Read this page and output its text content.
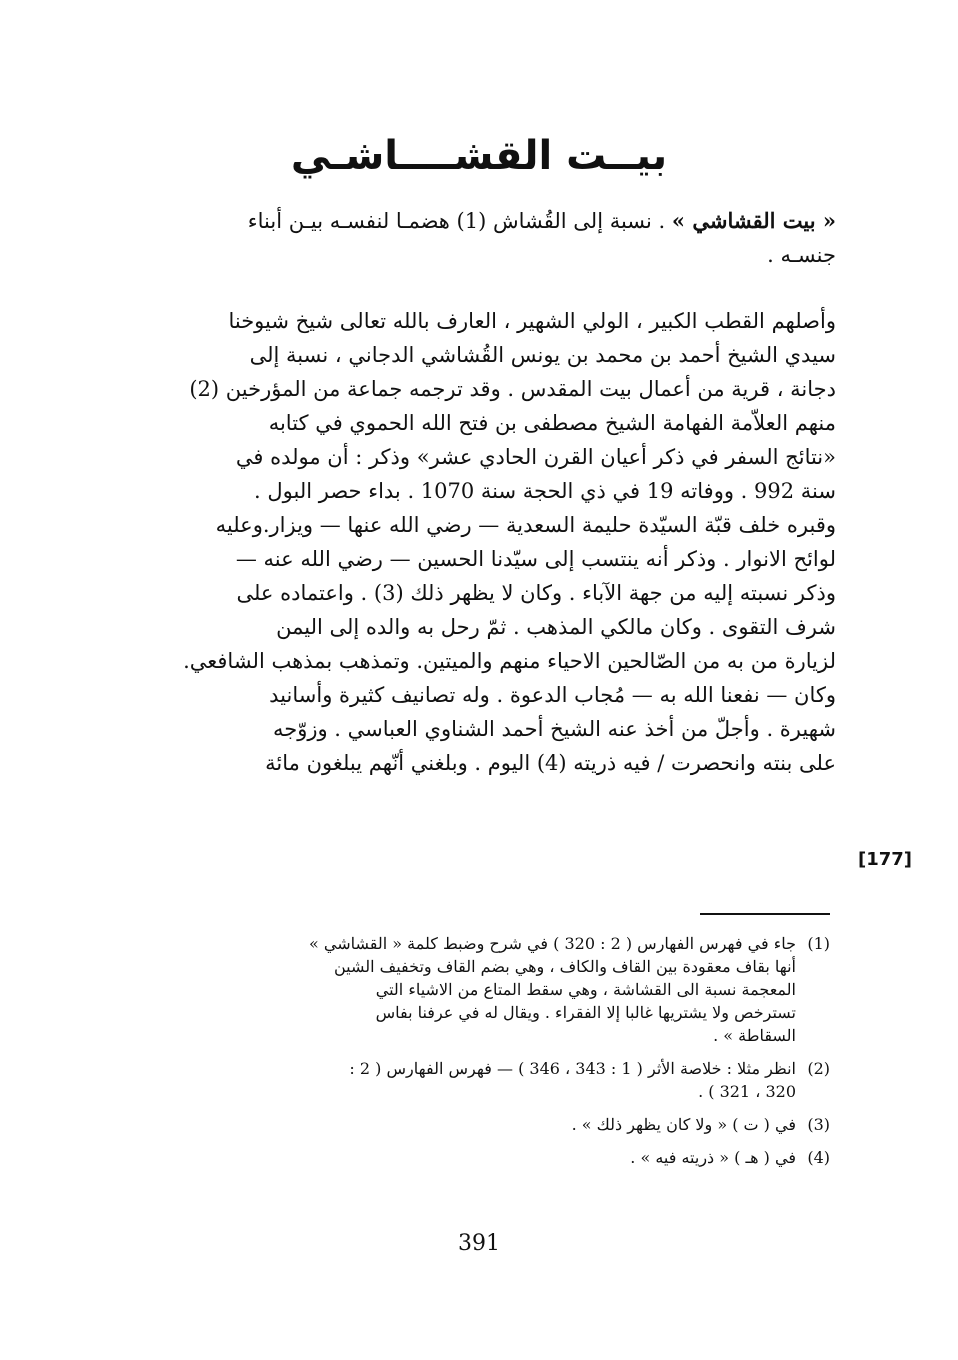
بيــت القشــــاشـي
« بيت القشاشي » . نسبة إلى القُشاش (1) هضمـا لنفسـه بيـن أبناء
جنسـه .
وأصلهم القطب الكبير ، الولي الشهير ، العارف بالله تعالى شيخ شيوخنا
سيدي الشيخ أحمد بن محمد بن يونس القُشاشي الدجاني ، نسبة إلى
دجانة ، قرية من أعمال بيت المقدس . وقد ترجمه جماعة من المؤرخين (2)
منهم العلاّمة الفهامة الشيخ مصطفى بن فتح الله الحموي في كتابه
«نتائج السفر في ذكر أعيان القرن الحادي عشر» وذكر : أن مولده في
سنة 992 . ووفاته 19 في ذي الحجة سنة 1070 . بداء حصر البول .
وقبره خلف قبّة السيّدة حليمة السعدية — رضي الله عنها — ويزار.وعليه
لوائح الانوار . وذكر أنه ينتسب إلى سيّدنا الحسين — رضي الله عنه —
وذكر نسبته إليه من جهة الآباء . وكان لا يظهر ذلك (3) . واعتماده على
شرف التقوى . وكان مالكي المذهب . ثمّ رحل به والده إلى اليمن
لزيارة من به من الصّالحين الاحياء منهم والميتين. وتمذهب بمذهب الشافعي.
وكان — نفعنا الله به — مُجاب الدعوة . وله تصانيف كثيرة وأسانيد
شهيرة . وأجلّ من أخذ عنه الشيخ أحمد الشناوي العباسي . وزوّجه
على بنته وانحصرت / فيه ذريته (4) اليوم . وبلغني أنّهم يبلغون مائة
[177]
(1)
جاء في فهرس الفهارس ( 2 : 320 ) في شرح وضبط كلمة « القشاشي »
أنها بقاف معقودة بين القاف والكاف ، وهي بضم القاف وتخفيف الشين
المعجمة نسبة الى القشاشة ، وهي سقط المتاع من الاشياء التي
تسترخص ولا يشتريها غالبا إلا الفقراء . ويقال له في عرفنا بفاس
السقاطة » .
(2)
انظر مثلا : خلاصة الأثر ( 1 : 343 ، 346 ) — فهرس الفهارس ( 2 :
320 ، 321 ) .
(3)
في ( ت ) « ولا كان يظهر ذلك » .
(4)
في ( هـ ) « ذريته فيه » .
391
